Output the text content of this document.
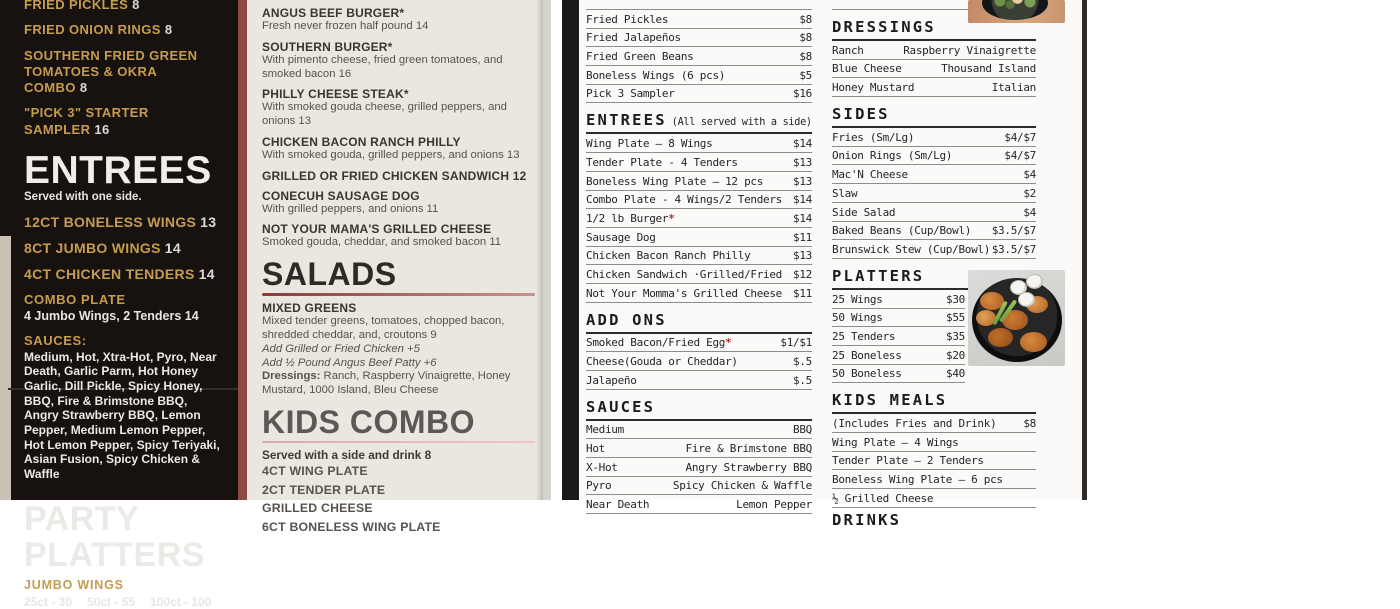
FRIED PICKLES 8
FRIED ONION RINGS 8
SOUTHERN FRIED GREEN TOMATOES & OKRA COMBO 8
"PICK 3" STARTER SAMPLER 16
ENTREES
Served with one side.
12CT BONELESS WINGS 13
8CT JUMBO WINGS 14
4CT CHICKEN TENDERS 14
COMBO PLATE
4 Jumbo Wings, 2 Tenders 14
SAUCES:
Medium, Hot, Xtra-Hot, Pyro, Near Death, Garlic Parm, Hot Honey Garlic, Dill Pickle, Spicy Honey, BBQ, Fire & Brimstone BBQ, Angry Strawberry BBQ, Lemon Pepper, Medium Lemon Pepper, Hot Lemon Pepper, Spicy Teriyaki, Asian Fusion, Spicy Chicken & Waffle
PARTY PLATTERS
JUMBO WINGS
25ct - 30 50ct - 55 100ct - 100
ANGUS BEEF BURGER*
Fresh never frozen half pound 14
SOUTHERN BURGER*
With pimento cheese, fried green tomatoes, and smoked bacon 16
PHILLY CHEESE STEAK*
With smoked gouda cheese, grilled peppers, and onions 13
CHICKEN BACON RANCH PHILLY
With smoked gouda, grilled peppers, and onions 13
GRILLED OR FRIED CHICKEN SANDWICH 12
CONECUH SAUSAGE DOG
With grilled peppers, and onions 11
NOT YOUR MAMA'S GRILLED CHEESE
Smoked gouda, cheddar, and smoked bacon 11
SALADS
MIXED GREENS
Mixed tender greens, tomatoes, chopped bacon, shredded cheddar, and, croutons 9
Add Grilled or Fried Chicken +5
Add ½ Pound Angus Beef Patty +6
Dressings: Ranch, Raspberry Vinaigrette, Honey Mustard, 1000 Island, Bleu Cheese
KIDS COMBO
Served with a side and drink 8
4CT WING PLATE
2CT TENDER PLATE
GRILLED CHEESE
6CT BONELESS WING PLATE
Fried Pickles	$8
Fried Jalapeños	$8
Fried Green Beans	$8
Boneless Wings (6 pcs)	$5
Pick 3 Sampler	$16
ENTREES (All served with a side)
Wing Plate — 8 Wings	$14
Tender Plate - 4 Tenders	$13
Boneless Wing Plate — 12 pcs	$13
Combo Plate - 4 Wings/2 Tenders $14
1/2 lb Burger*	$14
Sausage Dog	$11
Chicken Bacon Ranch Philly	$13
Chicken Sandwich ·Grilled/Fried $12
Not Your Momma's Grilled Cheese $11
ADD ONS
Smoked Bacon/Fried Egg*	$1/$1
Cheese(Gouda or Cheddar)	$.5
Jalapeño	$.5
SAUCES
Medium	BBQ
Hot	Fire & Brimstone BBQ
X-Hot	Angry Strawberry BBQ
Pyro	Spicy Chicken & Waffle
Near Death	Lemon Pepper
DRESSINGS
Ranch	Raspberry Vinaigrette
Blue Cheese	Thousand Island
Honey Mustard	Italian
SIDES
Fries (Sm/Lg)	$4/$7
Onion Rings (Sm/Lg)	$4/$7
Mac'N Cheese	$4
Slaw	$2
Side Salad	$4
Baked Beans (Cup/Bowl) $3.5/$7
Brunswick Stew (Cup/Bowl) $3.5/$7
PLATTERS
25 Wings	$30
50 Wings	$55
25 Tenders	$35
25 Boneless	$20
50 Boneless	$40
KIDS MEALS
(Includes Fries and Drink) $8
Wing Plate — 4 Wings
Tender Plate — 2 Tenders
Boneless Wing Plate — 6 pcs
½ Grilled Cheese
DRINKS
